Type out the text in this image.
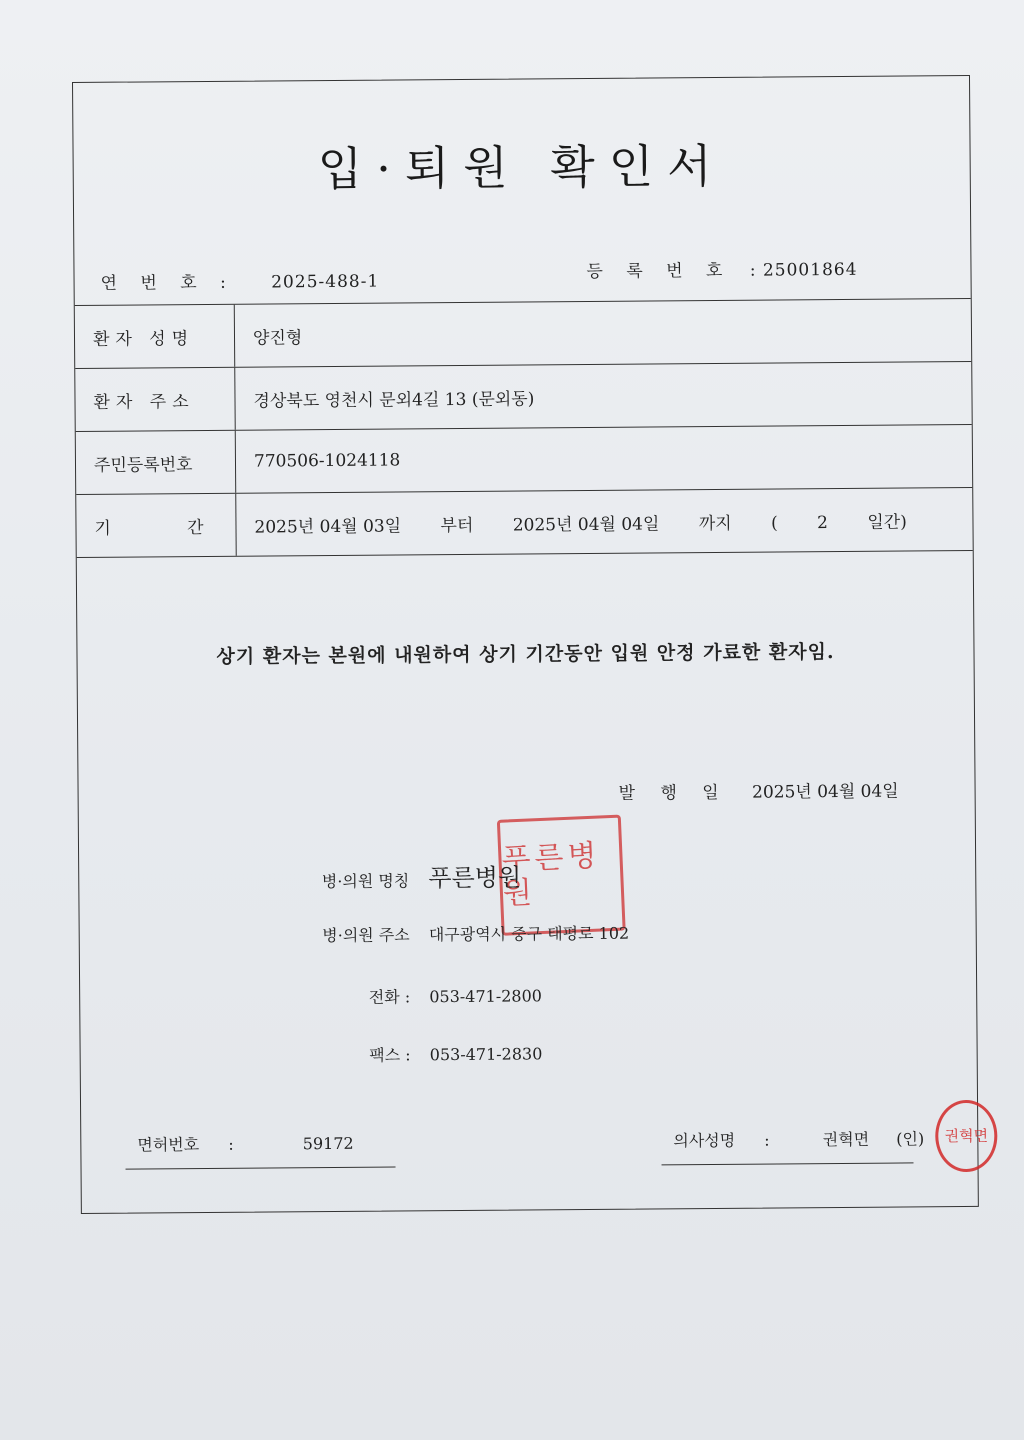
입·퇴원 확인서
연 번 호 : 2025-488-1
등 록 번 호 : 25001864
환자 성명	양진형
환자 주소	경상북도 영천시 문외4길 13 (문외동)
주민등록번호	770506-1024118
기	간	2025년 04월 03일 부터 2025년 04월 04일 까지 ( 2 일간)
상기 환자는 본원에 내원하여 상기 기간동안 입원 안정 가료한 환자임.
발 행 일 2025년 04월 04일
푸른병원
병·의원 명칭 푸른병원
병·의원 주소 대구광역시 중구 태평로 102
전화 : 053-471-2800
팩스 : 053-471-2830
면허번호 :	59172	의사성명 :	권혁면 (인) 권혁면
